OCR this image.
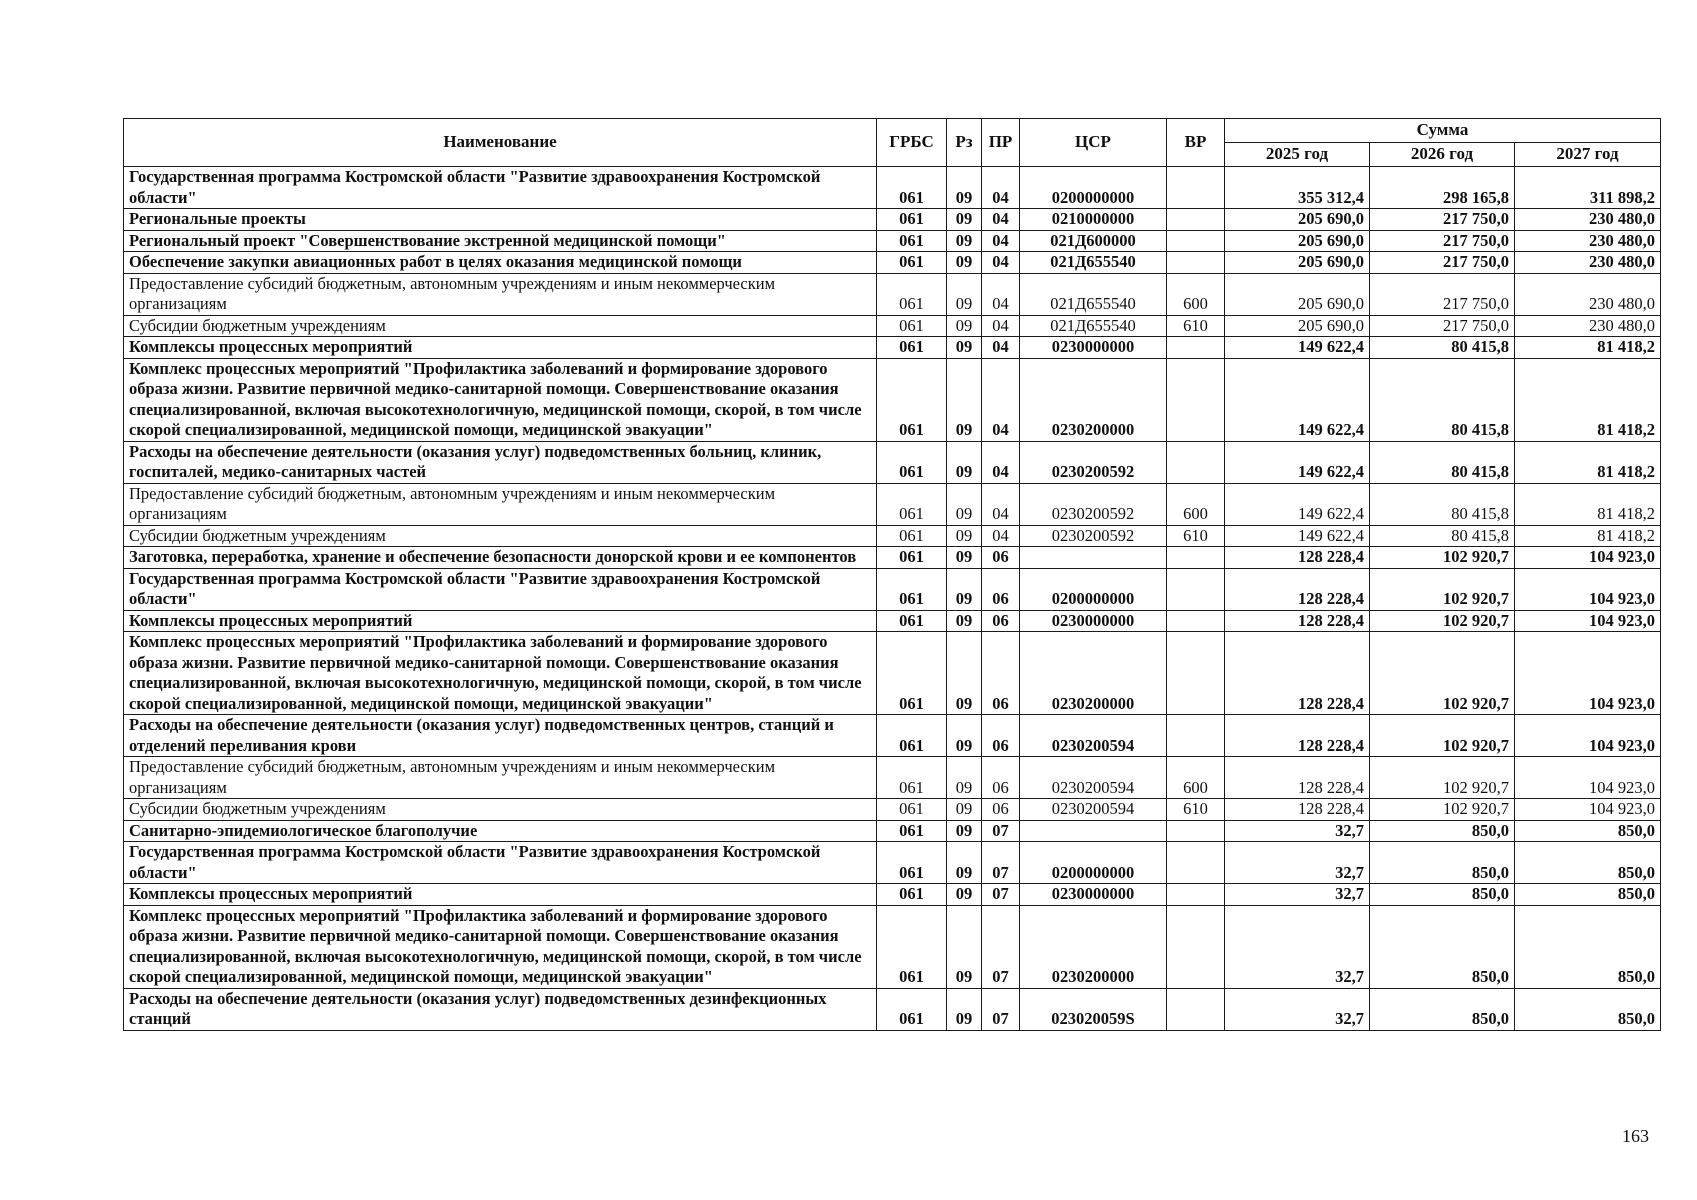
Наименование	ГРБС	Рз	ПР	ЦСР	ВР	Сумма		
						2025 год	2026 год	2027 год
Государственная программа Костромской области "Развитие здравоохранения Костромской области"	061	09	04	0200000000		355 312,4	298 165,8	311 898,2
Региональные проекты	061	09	04	0210000000		205 690,0	217 750,0	230 480,0
Региональный проект "Совершенствование экстренной медицинской помощи"	061	09	04	021Д600000		205 690,0	217 750,0	230 480,0
Обеспечение закупки авиационных работ в целях оказания медицинской помощи	061	09	04	021Д655540		205 690,0	217 750,0	230 480,0
Предоставление субсидий бюджетным, автономным учреждениям и иным некоммерческим организациям	061	09	04	021Д655540	600	205 690,0	217 750,0	230 480,0
Субсидии бюджетным учреждениям	061	09	04	021Д655540	610	205 690,0	217 750,0	230 480,0
Комплексы процессных мероприятий	061	09	04	0230000000		149 622,4	80 415,8	81 418,2
Комплекс процессных мероприятий "Профилактика заболеваний и формирование здорового образа жизни. Развитие первичной медико-санитарной помощи. Совершенствование оказания специализированной, включая высокотехнологичную, медицинской помощи, скорой, в том числе скорой специализированной, медицинской помощи, медицинской эвакуации"	061	09	04	0230200000		149 622,4	80 415,8	81 418,2
Расходы на обеспечение деятельности (оказания услуг) подведомственных больниц, клиник, госпиталей, медико-санитарных частей	061	09	04	0230200592		149 622,4	80 415,8	81 418,2
Предоставление субсидий бюджетным, автономным учреждениям и иным некоммерческим организациям	061	09	04	0230200592	600	149 622,4	80 415,8	81 418,2
Субсидии бюджетным учреждениям	061	09	04	0230200592	610	149 622,4	80 415,8	81 418,2
Заготовка, переработка, хранение и обеспечение безопасности донорской крови и ее компонентов	061	09	06			128 228,4	102 920,7	104 923,0
Государственная программа Костромской области "Развитие здравоохранения Костромской области"	061	09	06	0200000000		128 228,4	102 920,7	104 923,0
Комплексы процессных мероприятий	061	09	06	0230000000		128 228,4	102 920,7	104 923,0
Комплекс процессных мероприятий "Профилактика заболеваний и формирование здорового образа жизни. Развитие первичной медико-санитарной помощи. Совершенствование оказания специализированной, включая высокотехнологичную, медицинской помощи, скорой, в том числе скорой специализированной, медицинской помощи, медицинской эвакуации"	061	09	06	0230200000		128 228,4	102 920,7	104 923,0
Расходы на обеспечение деятельности (оказания услуг) подведомственных центров, станций и отделений переливания крови	061	09	06	0230200594		128 228,4	102 920,7	104 923,0
Предоставление субсидий бюджетным, автономным учреждениям и иным некоммерческим организациям	061	09	06	0230200594	600	128 228,4	102 920,7	104 923,0
Субсидии бюджетным учреждениям	061	09	06	0230200594	610	128 228,4	102 920,7	104 923,0
Санитарно-эпидемиологическое благополучие	061	09	07			32,7	850,0	850,0
Государственная программа Костромской области "Развитие здравоохранения Костромской области"	061	09	07	0200000000		32,7	850,0	850,0
Комплексы процессных мероприятий	061	09	07	0230000000		32,7	850,0	850,0
Комплекс процессных мероприятий "Профилактика заболеваний и формирование здорового образа жизни. Развитие первичной медико-санитарной помощи. Совершенствование оказания специализированной, включая высокотехнологичную, медицинской помощи, скорой, в том числе скорой специализированной, медицинской помощи, медицинской эвакуации"	061	09	07	0230200000		32,7	850,0	850,0
Расходы на обеспечение деятельности (оказания услуг) подведомственных дезинфекционных станций	061	09	07	023020059S		32,7	850,0	850,0
163
